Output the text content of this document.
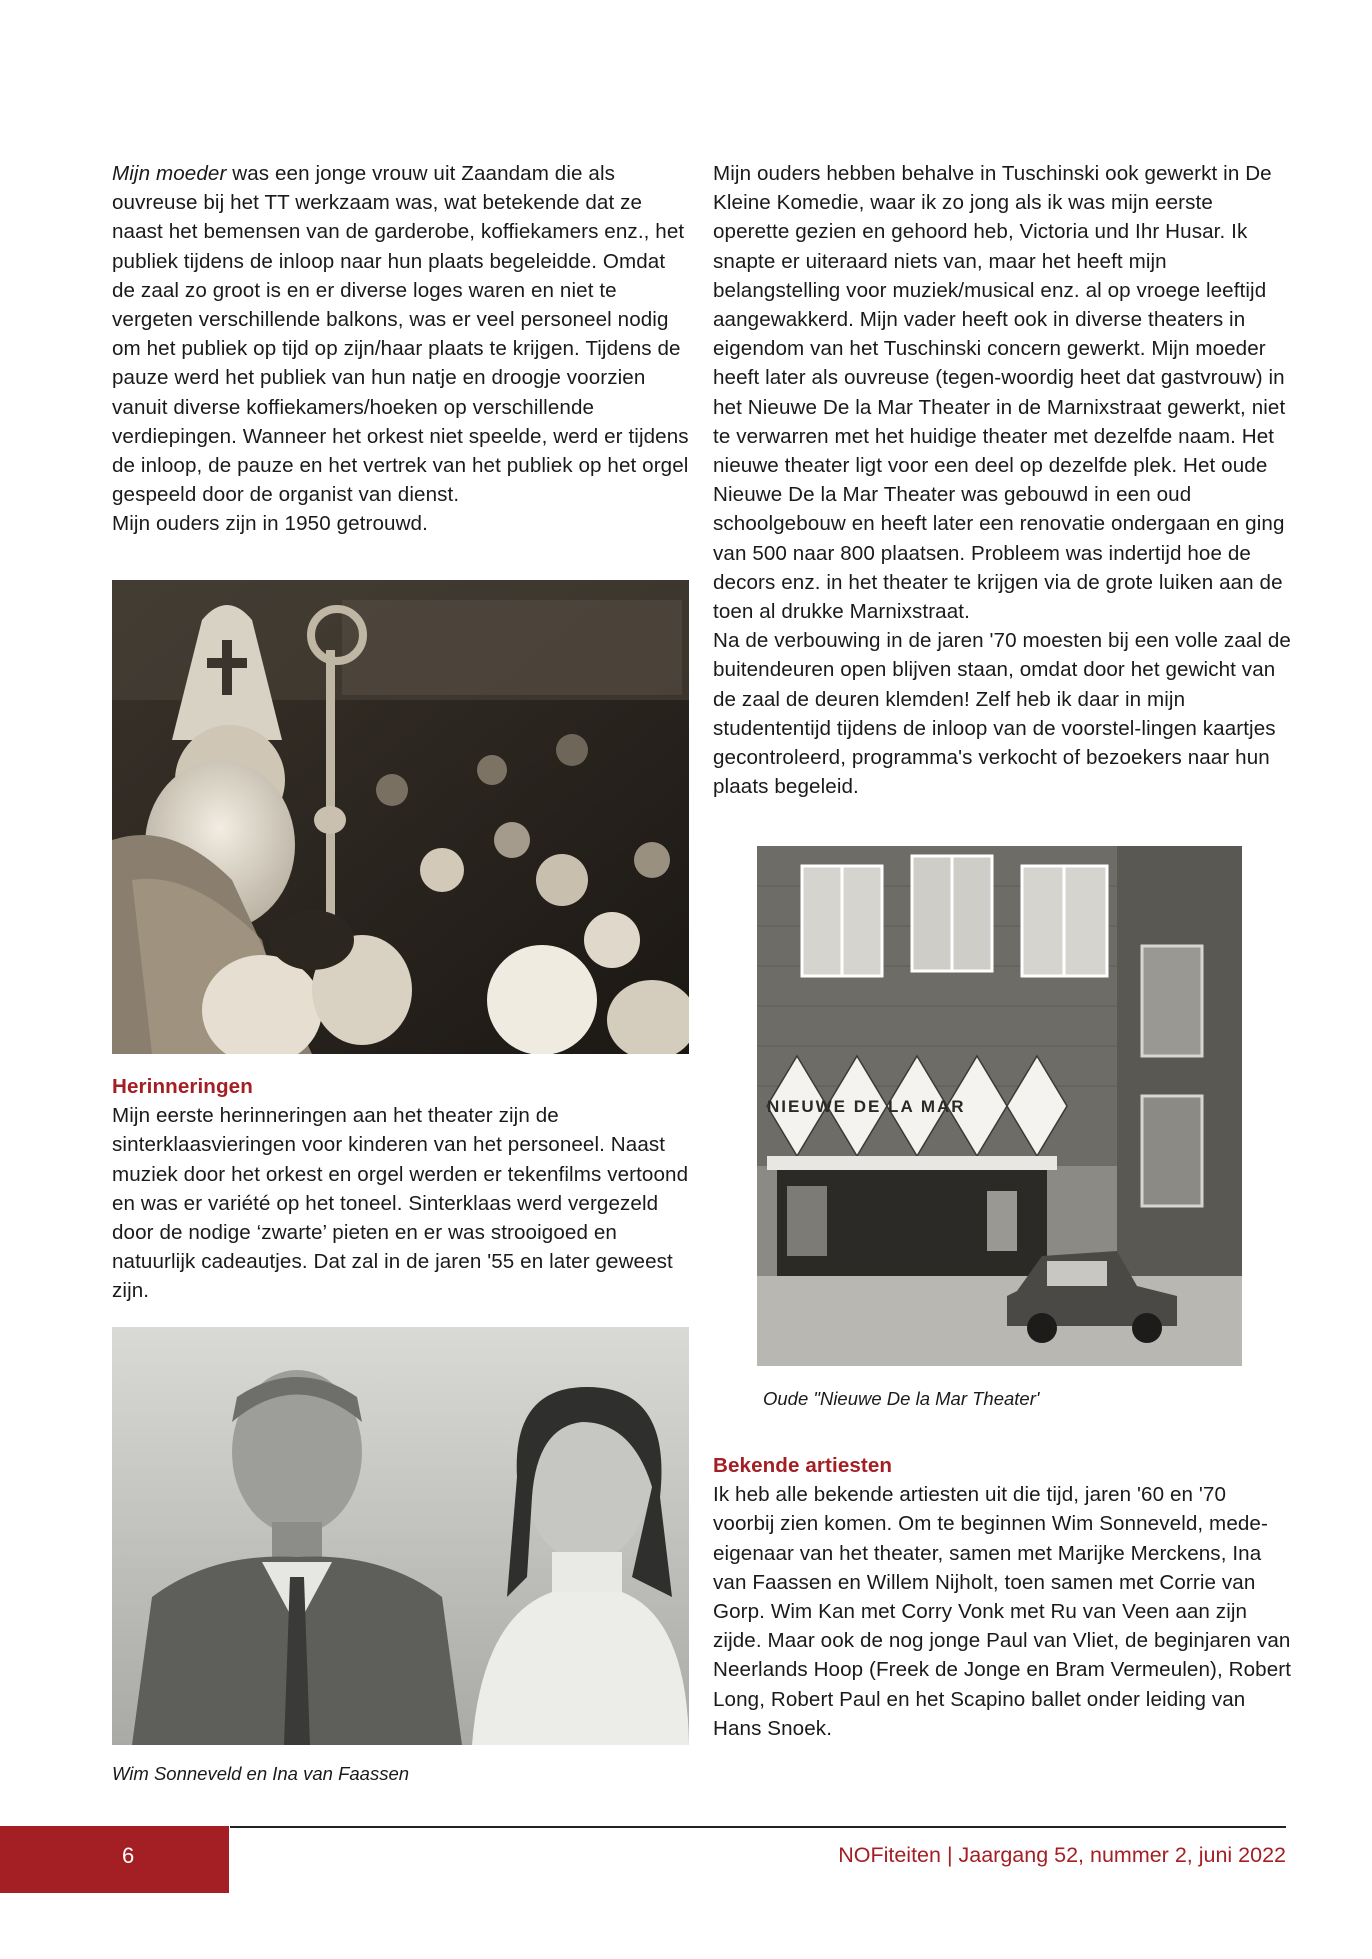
Mijn moeder was een jonge vrouw uit Zaandam die als ouvreuse bij het TT werkzaam was, wat betekende dat ze naast het bemensen van de garderobe, koffiekamers enz., het publiek tijdens de inloop naar hun plaats begeleidde. Omdat de zaal zo groot is en er diverse loges waren en niet te vergeten verschillende balkons, was er veel personeel nodig om het publiek op tijd op zijn/haar plaats te krijgen. Tijdens de pauze werd het publiek van hun natje en droogje voorzien vanuit diverse koffiekamers/hoeken op verschillende verdiepingen. Wanneer het orkest niet speelde, werd er tijdens de inloop, de pauze en het vertrek van het publiek op het orgel gespeeld door de organist van dienst.

Mijn ouders zijn in 1950 getrouwd.

Herinneringen

Mijn eerste herinneringen aan het theater zijn de sinterklaasvieringen voor kinderen van het personeel. Naast muziek door het orkest en orgel werden er tekenfilms vertoond en was er variété op het toneel. Sinterklaas werd vergezeld door de nodige ‘zwarte’ pieten en er was strooigoed en natuurlijk cadeautjes. Dat zal in de jaren '55 en later geweest zijn.

Wim Sonneveld en Ina van Faassen

Mijn ouders hebben behalve in Tuschinski ook gewerkt in De Kleine Komedie, waar ik zo jong als ik was mijn eerste operette gezien en gehoord heb, Victoria und Ihr Husar. Ik snapte er uiteraard niets van, maar het heeft mijn belangstelling voor muziek/musical enz. al op vroege leeftijd aangewakkerd. Mijn vader heeft ook in diverse theaters in eigendom van het Tuschinski concern gewerkt. Mijn moeder heeft later als ouvreuse (tegen-woordig heet dat gastvrouw) in het Nieuwe De la Mar Theater in de Marnixstraat gewerkt, niet te verwarren met het huidige theater met dezelfde naam. Het nieuwe theater ligt voor een deel op dezelfde plek. Het oude Nieuwe De la Mar Theater was gebouwd in een oud schoolgebouw en heeft later een renovatie ondergaan en ging van 500 naar 800 plaatsen. Probleem was indertijd hoe de decors enz. in het theater te krijgen via de grote luiken aan de toen al drukke Marnixstraat.

Na de verbouwing in de jaren '70 moesten bij een volle zaal de buitendeuren open blijven staan, omdat door het gewicht van de zaal de deuren klemden! Zelf heb ik daar in mijn studententijd tijdens de inloop van de voorstel-lingen kaartjes gecontroleerd, programma's verkocht of bezoekers naar hun plaats begeleid.

NIEUWE DE LA MAR
Oude "Nieuwe De la Mar Theater'
Bekende artiesten

Ik heb alle bekende artiesten uit die tijd, jaren '60 en '70 voorbij zien komen. Om te beginnen Wim Sonneveld, mede-eigenaar van het theater, samen met Marijke Merckens, Ina van Faassen en Willem Nijholt, toen samen met Corrie van Gorp. Wim Kan met Corry Vonk met Ru van Veen aan zijn zijde. Maar ook de nog jonge Paul van Vliet, de beginjaren van Neerlands Hoop (Freek de Jonge en Bram Vermeulen), Robert Long, Robert Paul en het Scapino ballet onder leiding van Hans Snoek.

6	NOFiteiten | Jaargang 52, nummer 2, juni 2022
